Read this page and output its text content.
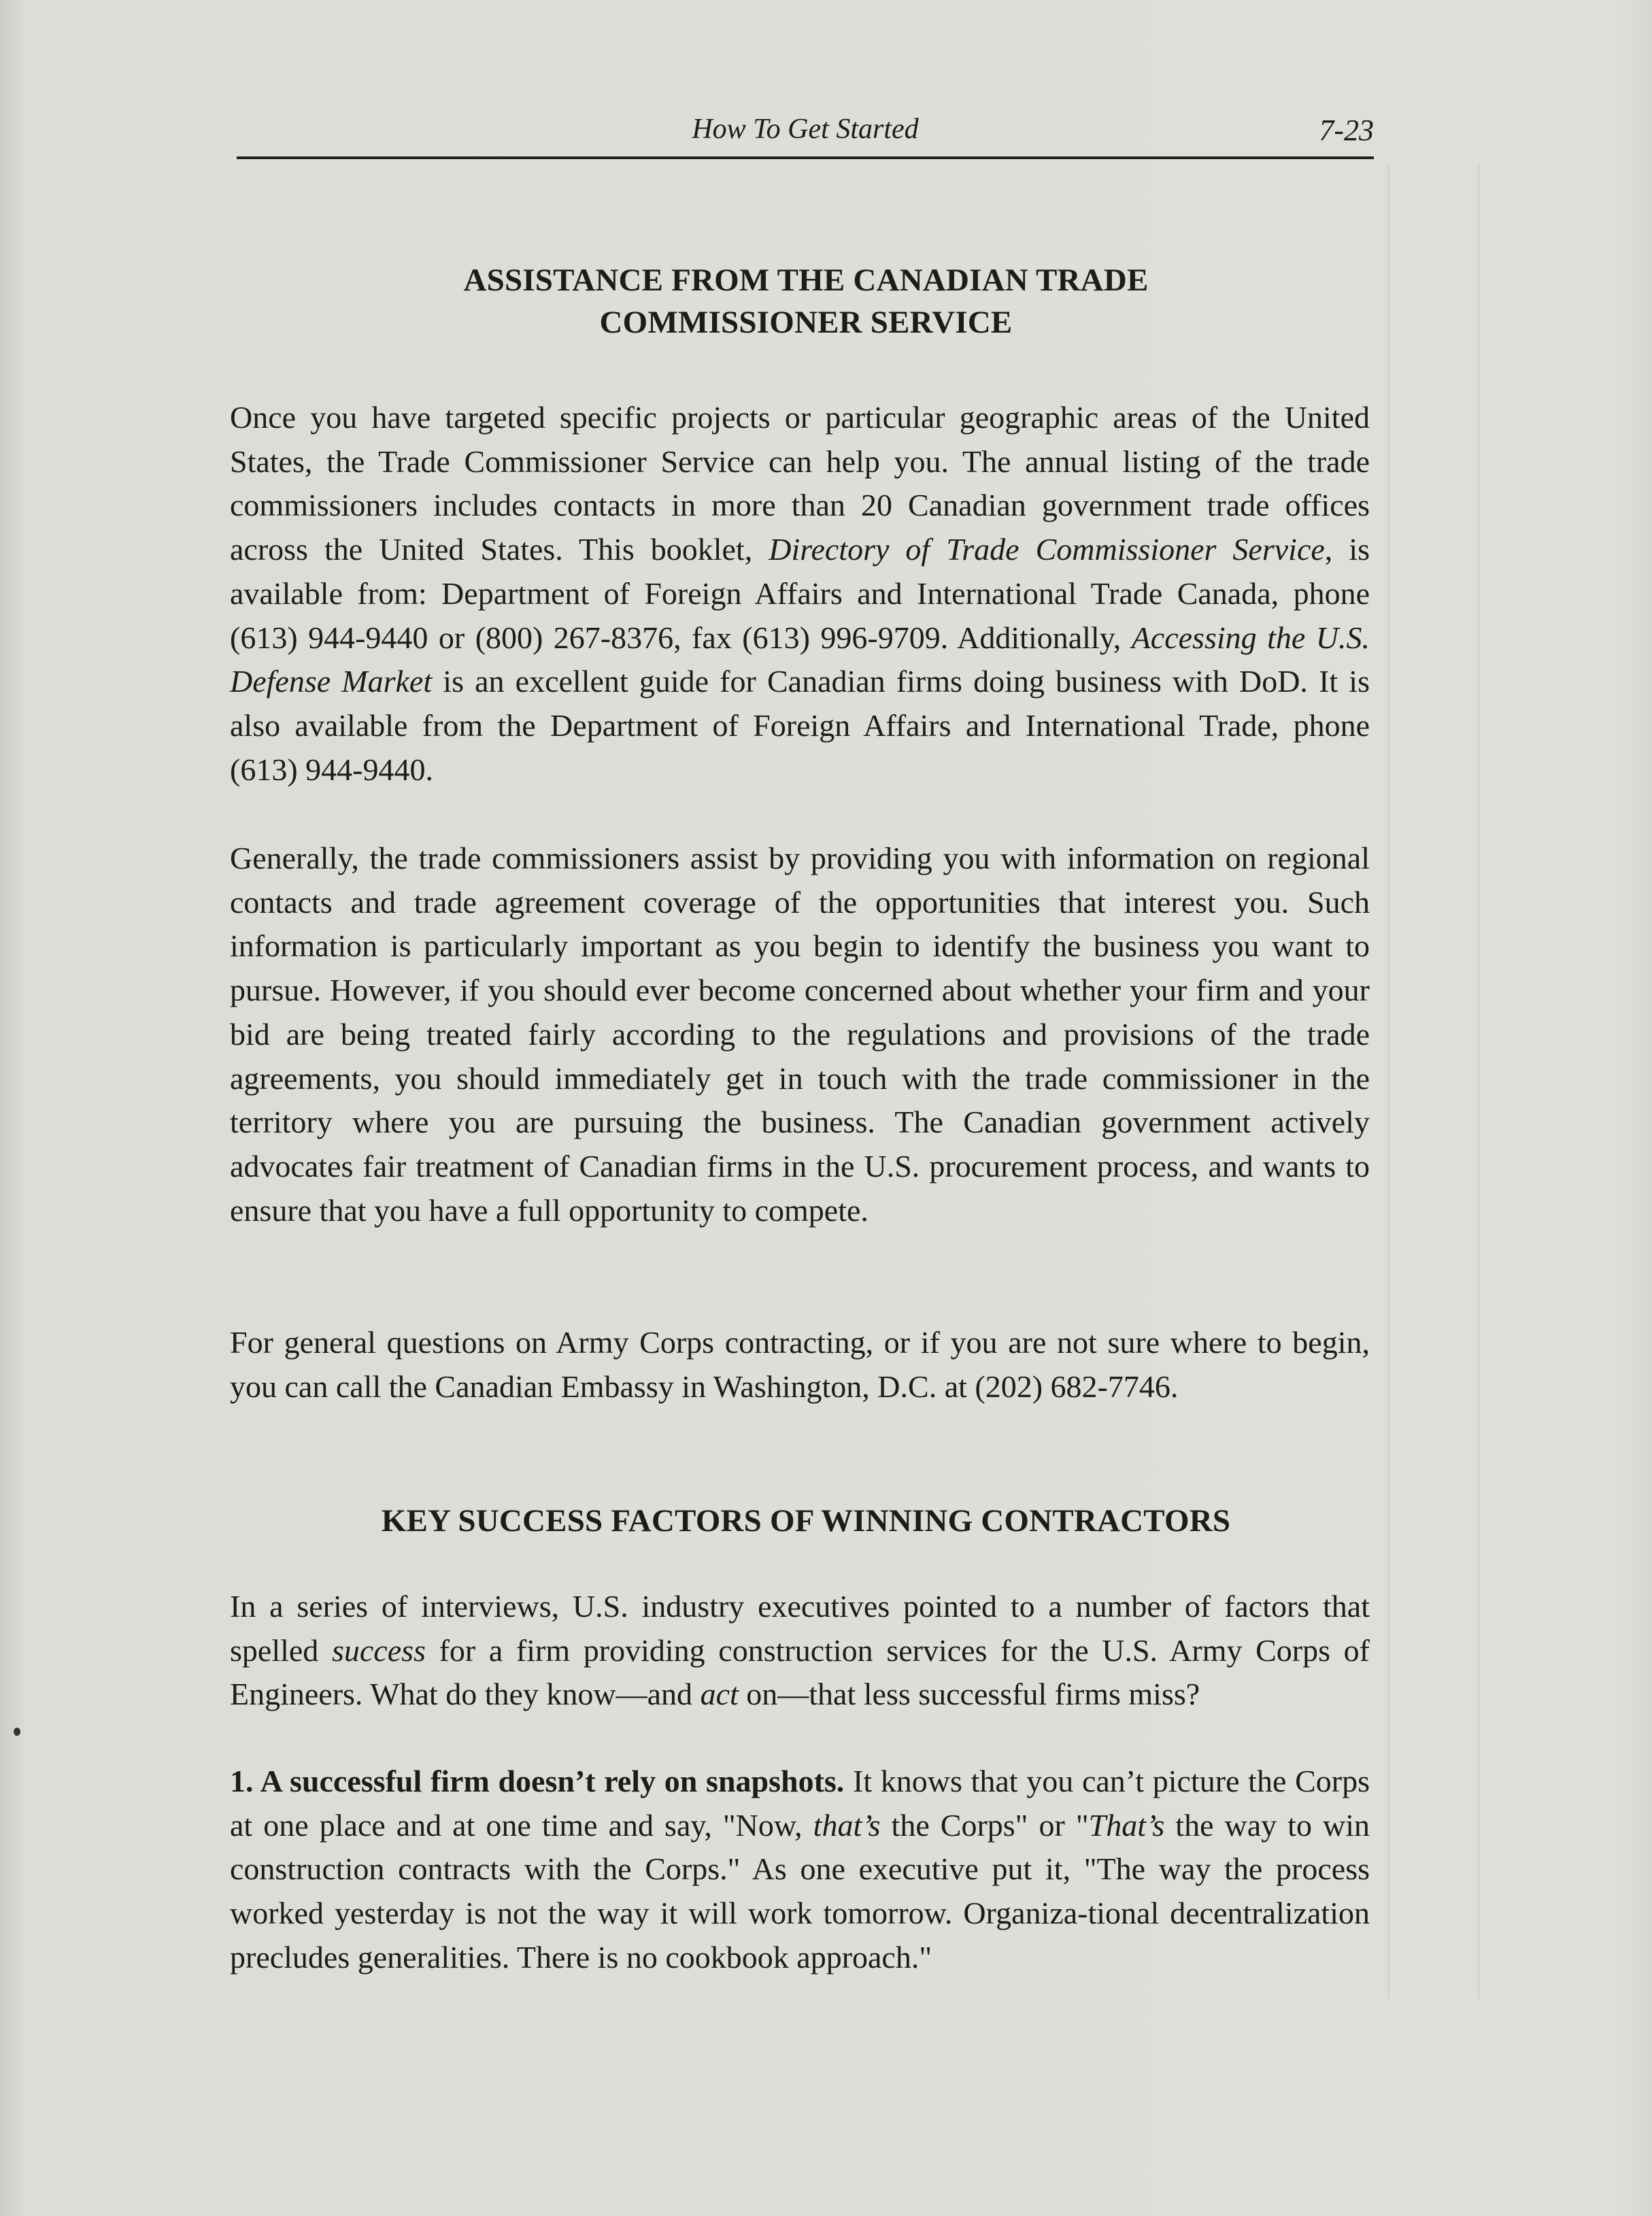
How To Get Started	7-23
ASSISTANCE FROM THE CANADIAN TRADE
COMMISSIONER SERVICE

Once you have targeted specific projects or particular geographic areas of the United States, the Trade Commissioner Service can help you. The annual listing of the trade commissioners includes contacts in more than 20 Canadian government trade offices across the United States. This booklet, Directory of Trade Commissioner Service, is available from: Department of Foreign Affairs and International Trade Canada, phone (613) 944-9440 or (800) 267-8376, fax (613) 996-9709. Additionally, Accessing the U.S. Defense Market is an excellent guide for Canadian firms doing business with DoD. It is also available from the Department of Foreign Affairs and International Trade, phone (613) 944-9440.

Generally, the trade commissioners assist by providing you with information on regional contacts and trade agreement coverage of the opportunities that interest you. Such information is particularly important as you begin to identify the business you want to pursue. However, if you should ever become concerned about whether your firm and your bid are being treated fairly according to the regulations and provisions of the trade agreements, you should immediately get in touch with the trade commissioner in the territory where you are pursuing the business. The Canadian government actively advocates fair treatment of Canadian firms in the U.S. procurement process, and wants to ensure that you have a full opportunity to compete.

For general questions on Army Corps contracting, or if you are not sure where to begin, you can call the Canadian Embassy in Washington, D.C. at (202) 682-7746.

KEY SUCCESS FACTORS OF WINNING CONTRACTORS

In a series of interviews, U.S. industry executives pointed to a number of factors that spelled success for a firm providing construction services for the U.S. Army Corps of Engineers. What do they know—and act on—that less successful firms miss?

1. A successful firm doesn’t rely on snapshots. It knows that you can’t picture the Corps at one place and at one time and say, "Now, that’s the Corps" or "That’s the way to win construction contracts with the Corps." As one executive put it, "The way the process worked yesterday is not the way it will work tomorrow. Organiza-tional decentralization precludes generalities. There is no cookbook approach."
